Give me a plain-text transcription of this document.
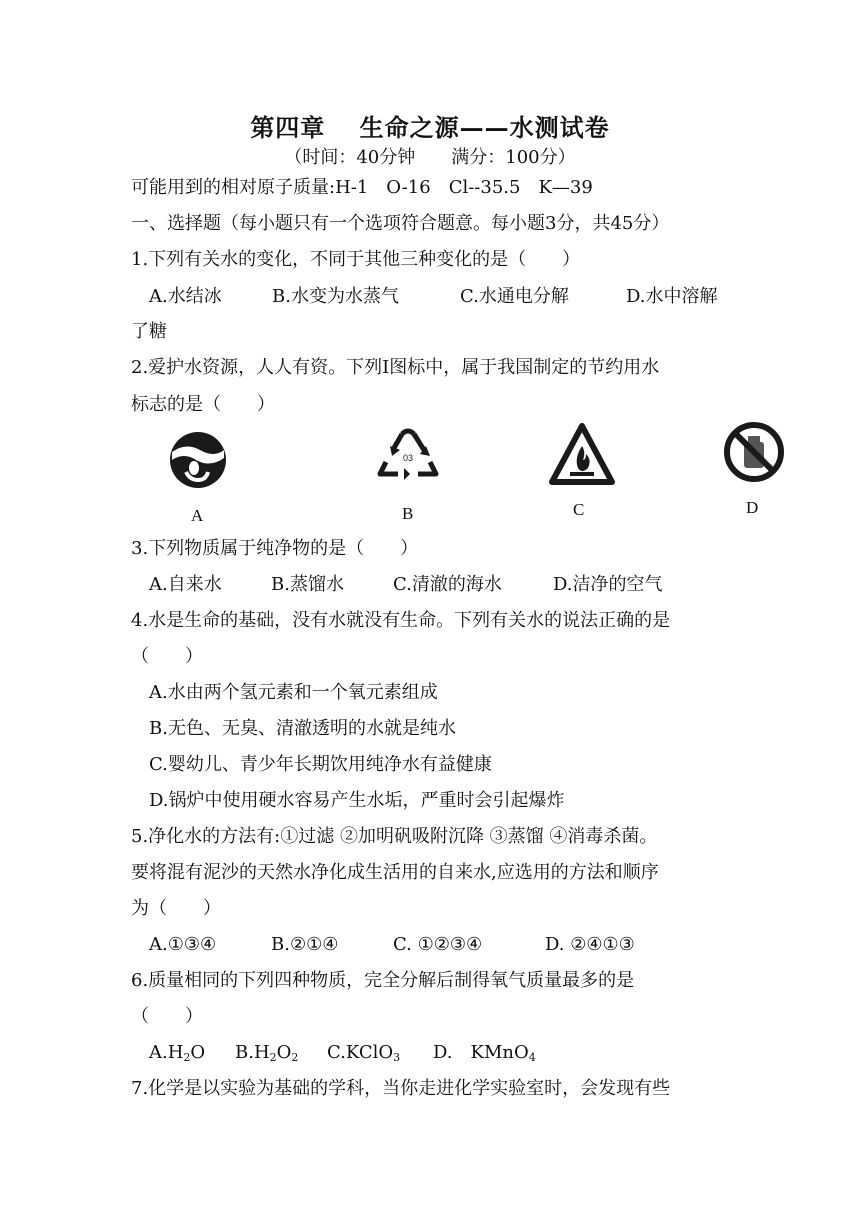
第四章　 生命之源——水测试卷
（时间：40分钟　　满分：100分）
可能用到的相对原子质量:H-1　O-16　Cl--35.5　K—39
一、选择题（每小题只有一个选项符合题意。每小题3分，共45分）
1.下列有关水的变化，不同于其他三种变化的是（　　）
A.水结冰	B.水变为水蒸气	C.水通电分解	D.水中溶解
了糖
2.爱护水资源，人人有资。下列Ⅰ图标中，属于我国制定的节约用水
标志的是（　　）
A
03
B	C	D
3.下列物质属于纯净物的是（　　）
A.自来水	B.蒸馏水	C.清澈的海水	D.洁净的空气
4.水是生命的基础，没有水就没有生命。下列有关水的说法正确的是
（　　）
A.水由两个氢元素和一个氧元素组成
B.无色、无臭、清澈透明的水就是纯水
C.婴幼儿、青少年长期饮用纯净水有益健康
D.锅炉中使用硬水容易产生水垢，严重时会引起爆炸
5.净化水的方法有:①过滤 ②加明矾吸附沉降 ③蒸馏 ④消毒杀菌。
要将混有泥沙的天然水净化成生活用的自来水,应选用的方法和顺序
为（　　）
A.①③④	B.②①④	C. ①②③④	D. ②④①③
6.质量相同的下列四种物质，完全分解后制得氧气质量最多的是
（　　）
$A.H_2O$ $B.H_2O_2$ C.KClO$_3$ D.　KMnO$_4$
7.化学是以实验为基础的学科，当你走进化学实验室时，会发现有些
